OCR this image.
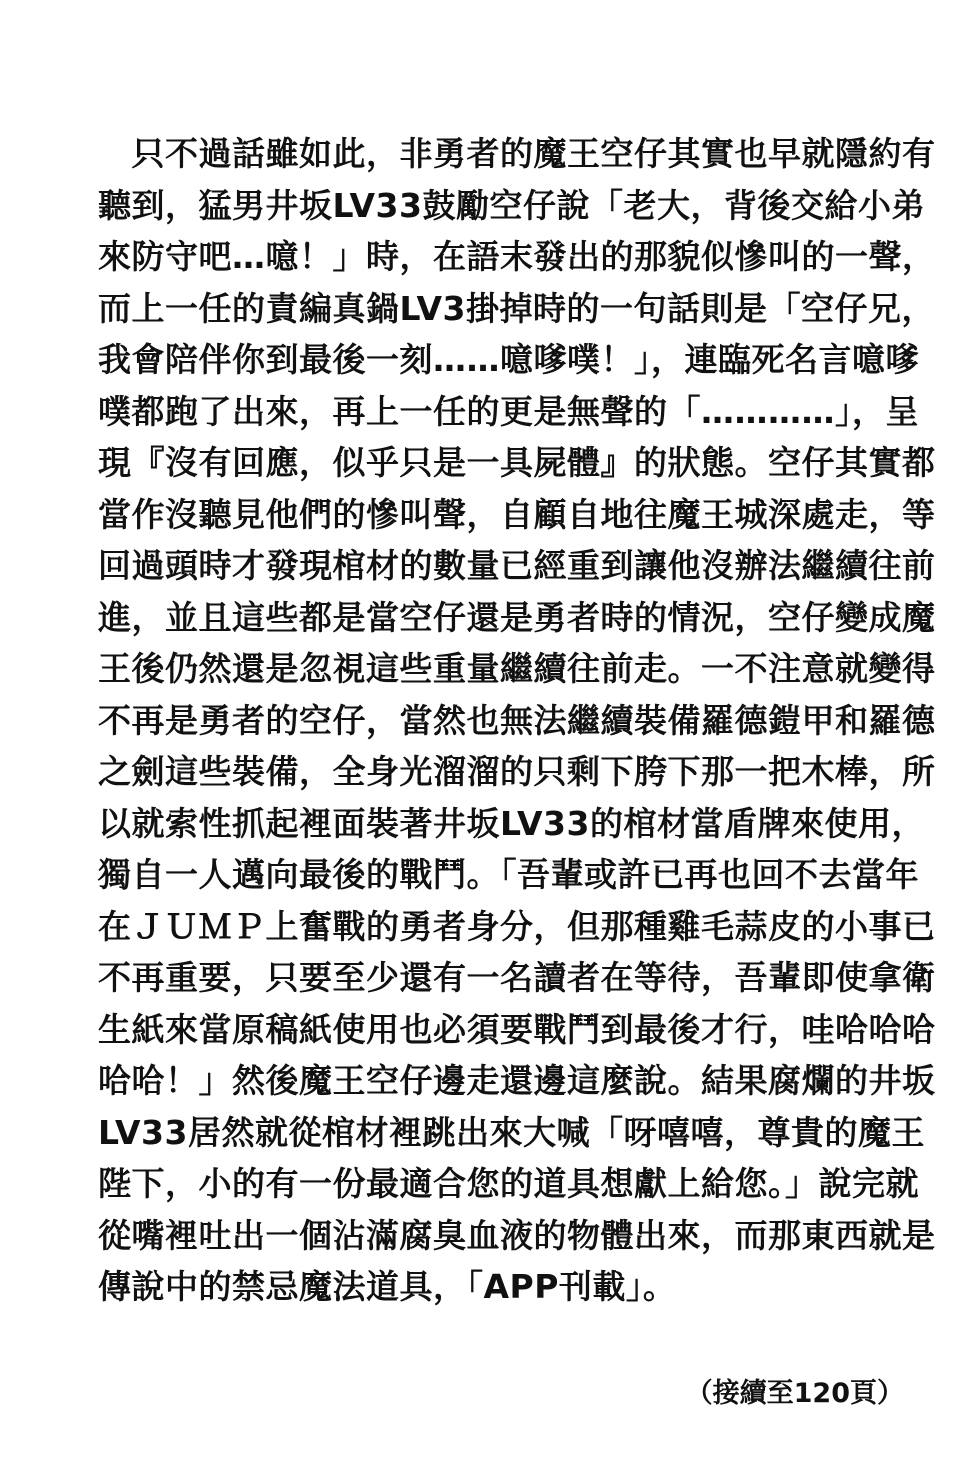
　只不過話雖如此，非勇者的魔王空仔其實也早就隱約有
聽到，猛男井坂LV33鼓勵空仔說「老大，背後交給小弟
來防守吧…噫！」時，在語末發出的那貌似慘叫的一聲，
而上一任的責編真鍋LV3掛掉時的一句話則是「空仔兄，
我會陪伴你到最後一刻……噫嗲噗！」，連臨死名言噫嗲
噗都跑了出來，再上一任的更是無聲的「…………」，呈
現『沒有回應，似乎只是一具屍體』的狀態。空仔其實都
當作沒聽見他們的慘叫聲，自顧自地往魔王城深處走，等
回過頭時才發現棺材的數量已經重到讓他沒辦法繼續往前
進，並且這些都是當空仔還是勇者時的情況，空仔變成魔
王後仍然還是忽視這些重量繼續往前走。一不注意就變得
不再是勇者的空仔，當然也無法繼續裝備羅德鎧甲和羅德
之劍這些裝備，全身光溜溜的只剩下胯下那一把木棒，所
以就索性抓起裡面裝著井坂LV33的棺材當盾牌來使用，
獨自一人邁向最後的戰鬥。「吾輩或許已再也回不去當年
在ＪＵＭＰ上奮戰的勇者身分，但那種雞毛蒜皮的小事已
不再重要，只要至少還有一名讀者在等待，吾輩即使拿衛
生紙來當原稿紙使用也必須要戰鬥到最後才行，哇哈哈哈
哈哈！」然後魔王空仔邊走還邊這麼說。結果腐爛的井坂
LV33居然就從棺材裡跳出來大喊「呀嘻嘻，尊貴的魔王
陛下，小的有一份最適合您的道具想獻上給您。」說完就
從嘴裡吐出一個沾滿腐臭血液的物體出來，而那東西就是
傳說中的禁忌魔法道具，「APP刊載」。
（接續至120頁）
